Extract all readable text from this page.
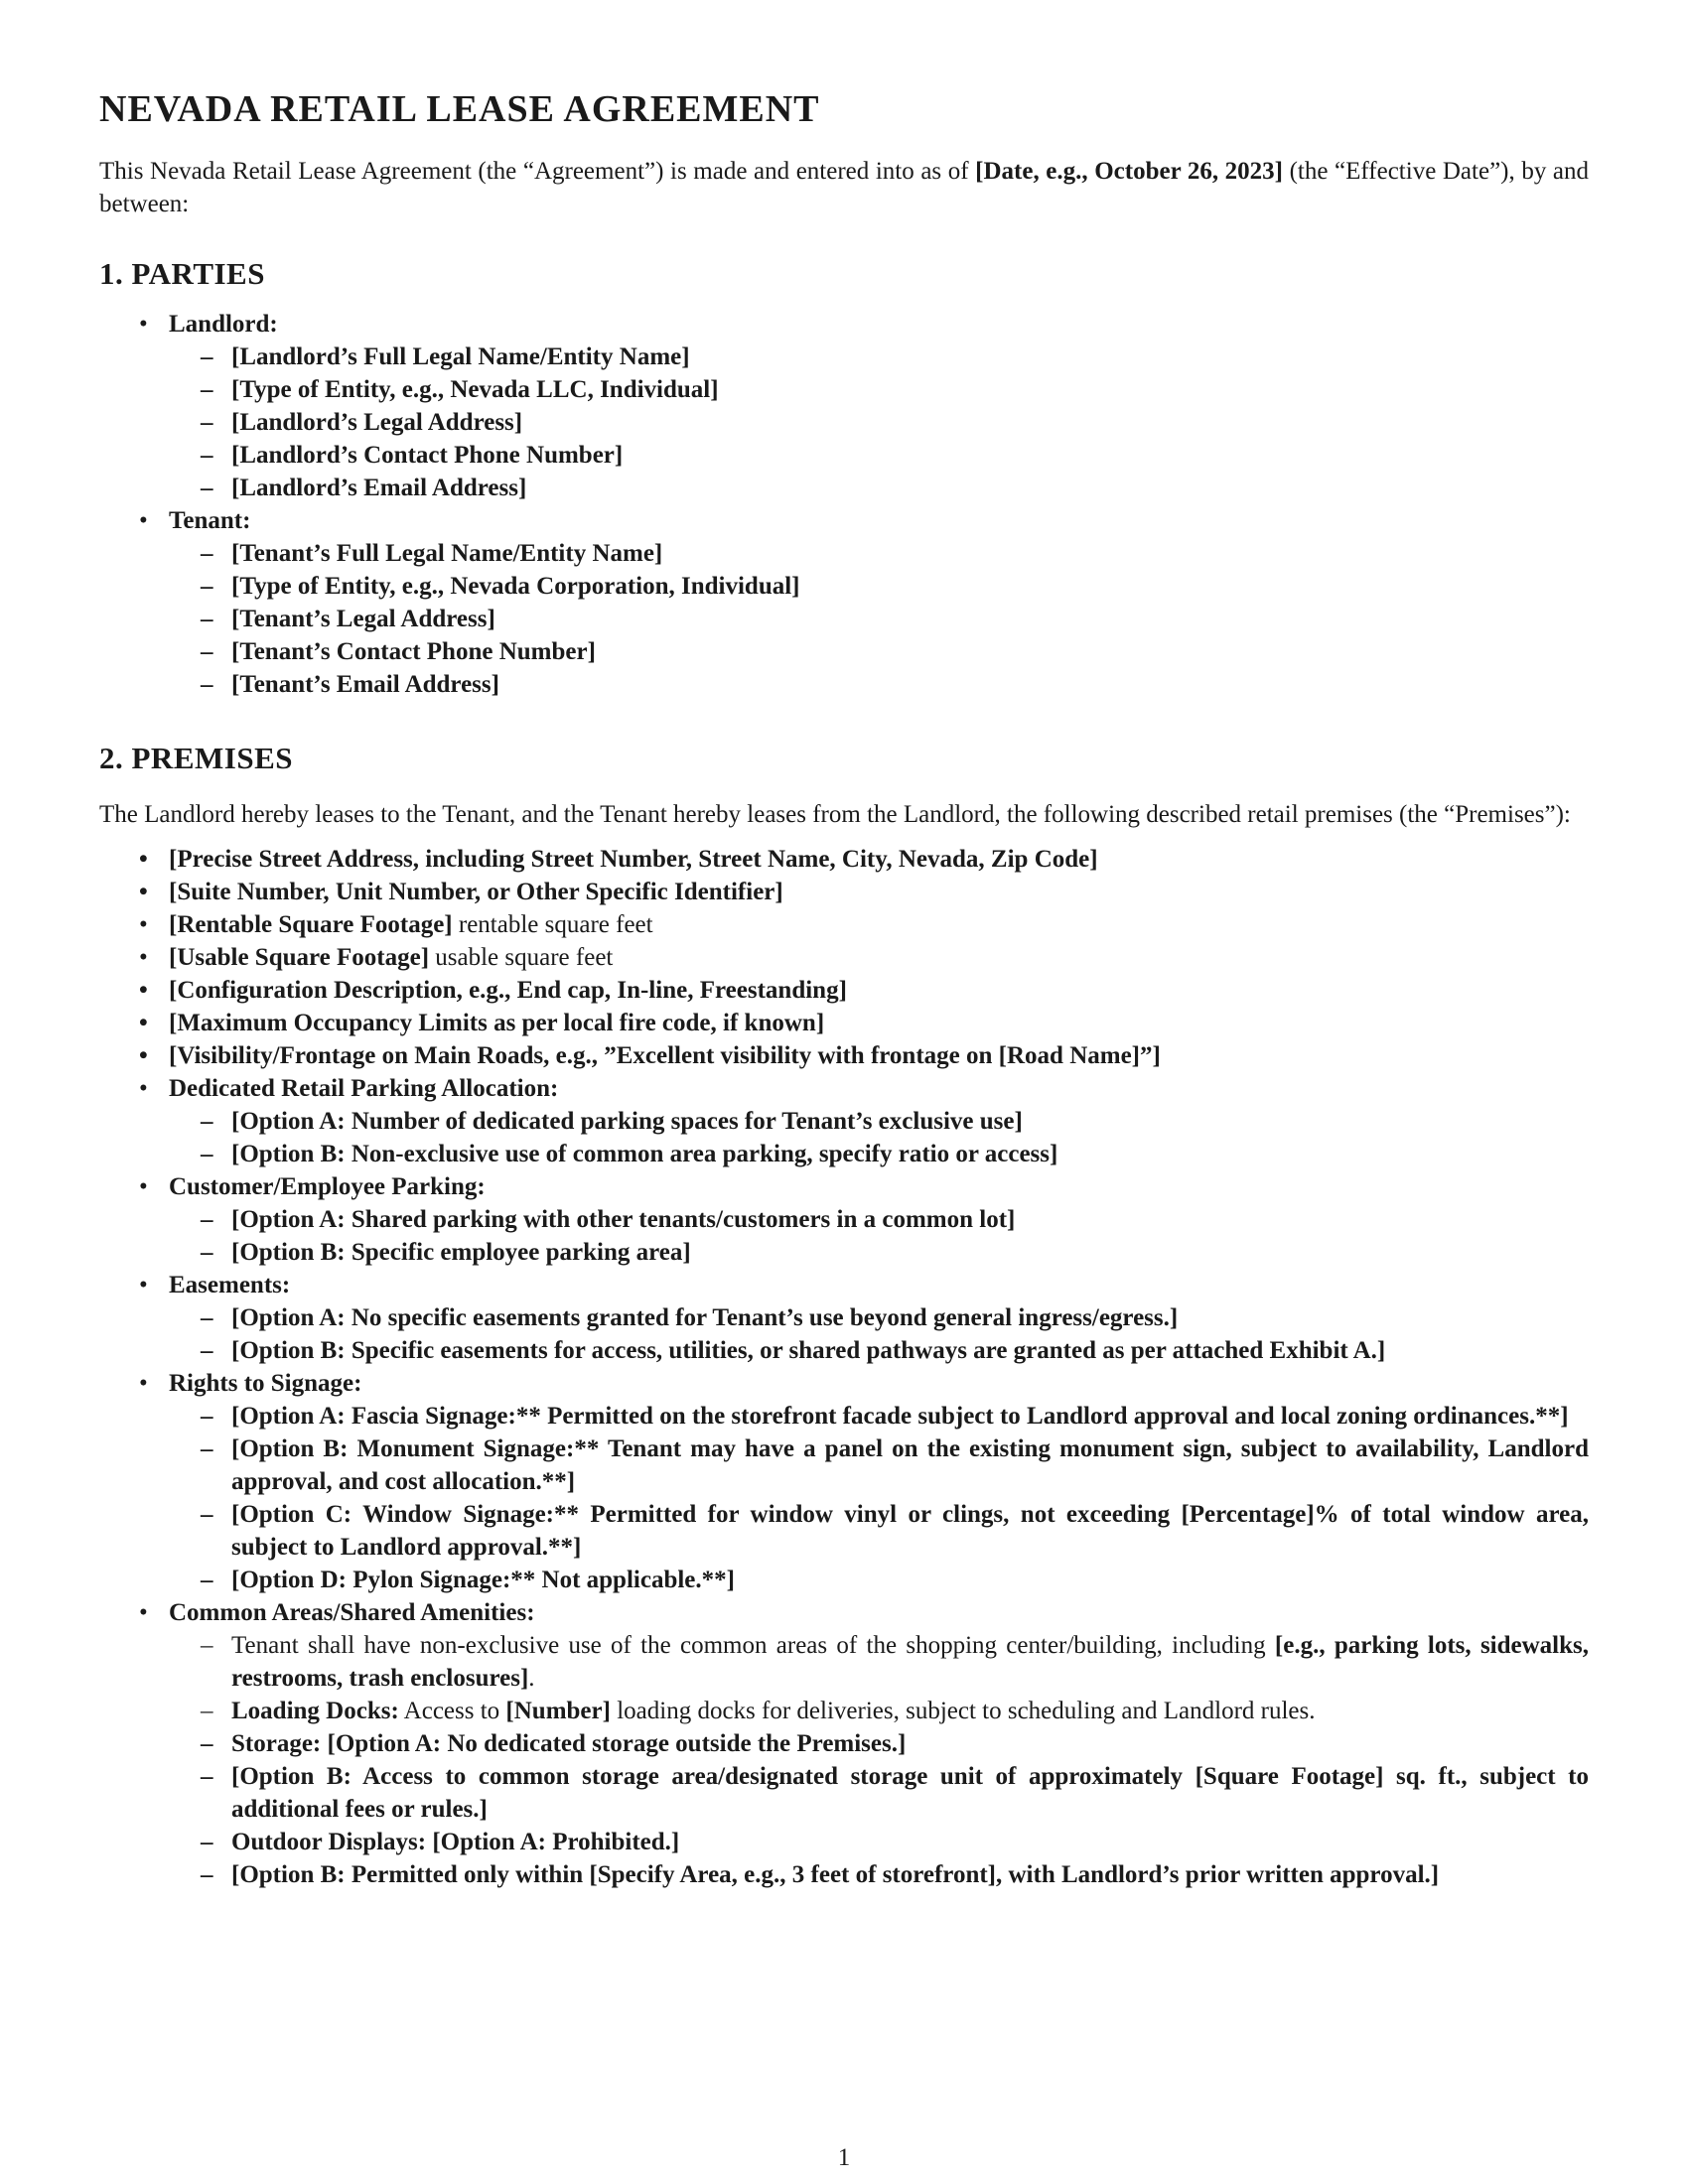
NEVADA RETAIL LEASE AGREEMENT

This Nevada Retail Lease Agreement (the “Agreement”) is made and entered into as of [Date, e.g., October 26, 2023] (the “Effective Date”), by and between:

1. PARTIES
• Landlord:
– [Landlord’s Full Legal Name/Entity Name]
– [Type of Entity, e.g., Nevada LLC, Individual]
– [Landlord’s Legal Address]
– [Landlord’s Contact Phone Number]
– [Landlord’s Email Address]
• Tenant:
– [Tenant’s Full Legal Name/Entity Name]
– [Type of Entity, e.g., Nevada Corporation, Individual]
– [Tenant’s Legal Address]
– [Tenant’s Contact Phone Number]
– [Tenant’s Email Address]
2. PREMISES

The Landlord hereby leases to the Tenant, and the Tenant hereby leases from the Landlord, the following described retail premises (the “Premises”):

• [Precise Street Address, including Street Number, Street Name, City, Nevada, Zip Code]
• [Suite Number, Unit Number, or Other Specific Identifier]
• [Rentable Square Footage] rentable square feet
• [Usable Square Footage] usable square feet
• [Configuration Description, e.g., End cap, In-line, Freestanding]
• [Maximum Occupancy Limits as per local fire code, if known]
• [Visibility/Frontage on Main Roads, e.g., ”Excellent visibility with frontage on [Road Name]”]
• Dedicated Retail Parking Allocation:
– [Option A: Number of dedicated parking spaces for Tenant’s exclusive use]
– [Option B: Non-exclusive use of common area parking, specify ratio or access]
• Customer/Employee Parking:
– [Option A: Shared parking with other tenants/customers in a common lot]
– [Option B: Specific employee parking area]
• Easements:
– [Option A: No specific easements granted for Tenant’s use beyond general ingress/egress.]
– [Option B: Specific easements for access, utilities, or shared pathways are granted as per attached Exhibit A.]
• Rights to Signage:
– [Option A: Fascia Signage:** Permitted on the storefront facade subject to Landlord approval and local zoning ordinances.**]
– [Option B: Monument Signage:** Tenant may have a panel on the existing monument sign, subject to availability, Landlord approval, and cost allocation.**]
– [Option C: Window Signage:** Permitted for window vinyl or clings, not exceeding [Percentage]% of total window area, subject to Landlord approval.**]
– [Option D: Pylon Signage:** Not applicable.**]
• Common Areas/Shared Amenities:
– Tenant shall have non-exclusive use of the common areas of the shopping center/building, including [e.g., parking lots, sidewalks, restrooms, trash enclosures].
– Loading Docks: Access to [Number] loading docks for deliveries, subject to scheduling and Landlord rules.
– Storage: [Option A: No dedicated storage outside the Premises.]
– [Option B: Access to common storage area/designated storage unit of approximately [Square Footage] sq. ft., subject to additional fees or rules.]
– Outdoor Displays: [Option A: Prohibited.]
– [Option B: Permitted only within [Specify Area, e.g., 3 feet of storefront], with Landlord’s prior written approval.]
1
